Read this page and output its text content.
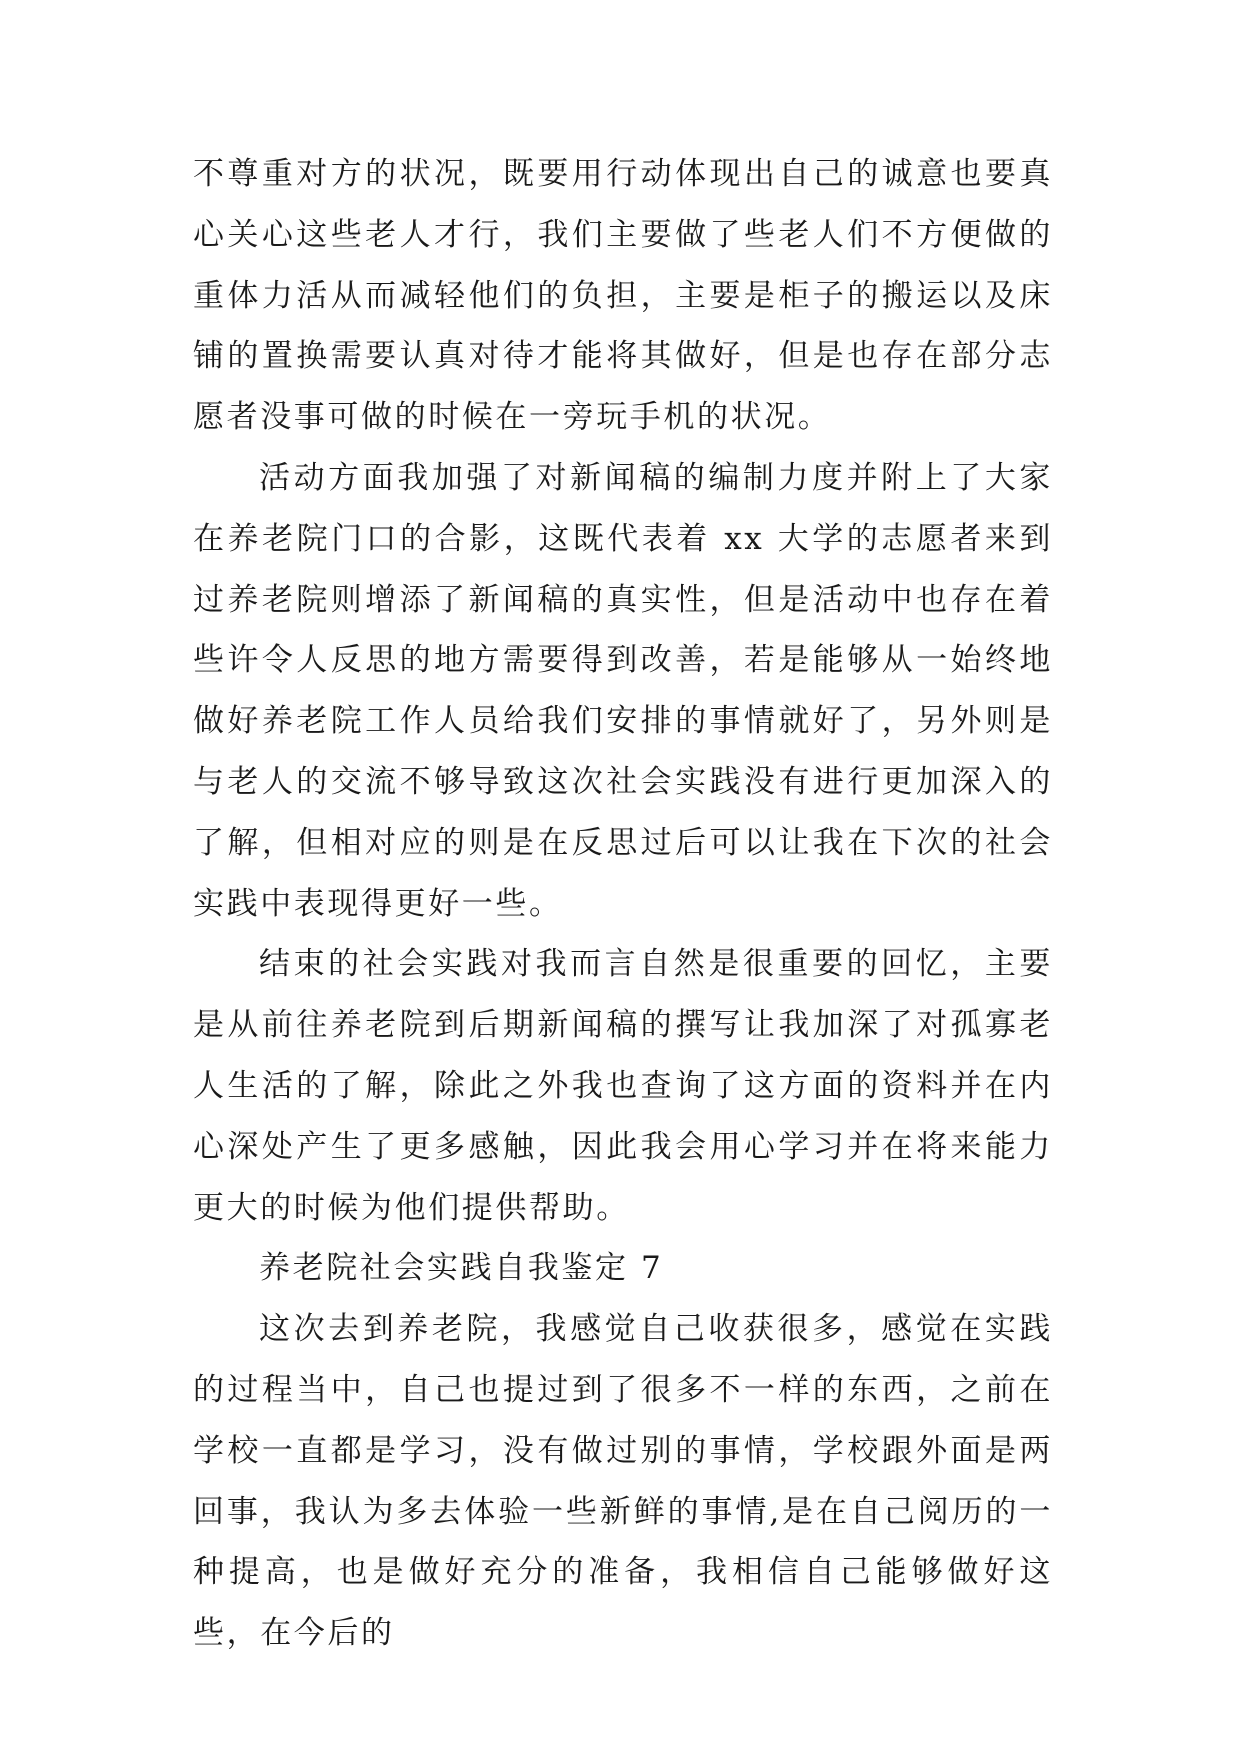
不尊重对方的状况，既要用行动体现出自己的诚意也要真心关心这些老人才行，我们主要做了些老人们不方便做的重体力活从而减轻他们的负担，主要是柜子的搬运以及床铺的置换需要认真对待才能将其做好，但是也存在部分志愿者没事可做的时候在一旁玩手机的状况。

活动方面我加强了对新闻稿的编制力度并附上了大家在养老院门口的合影，这既代表着 xx 大学的志愿者来到过养老院则增添了新闻稿的真实性，但是活动中也存在着些许令人反思的地方需要得到改善，若是能够从一始终地做好养老院工作人员给我们安排的事情就好了，另外则是与老人的交流不够导致这次社会实践没有进行更加深入的了解，但相对应的则是在反思过后可以让我在下次的社会实践中表现得更好一些。

结束的社会实践对我而言自然是很重要的回忆，主要是从前往养老院到后期新闻稿的撰写让我加深了对孤寡老人生活的了解，除此之外我也查询了这方面的资料并在内心深处产生了更多感触，因此我会用心学习并在将来能力更大的时候为他们提供帮助。

养老院社会实践自我鉴定 7

这次去到养老院，我感觉自己收获很多，感觉在实践的过程当中，自己也提过到了很多不一样的东西，之前在学校一直都是学习，没有做过别的事情，学校跟外面是两回事，我认为多去体验一些新鲜的事情,是在自己阅历的一种提高，也是做好充分的准备，我相信自己能够做好这些，在今后的
